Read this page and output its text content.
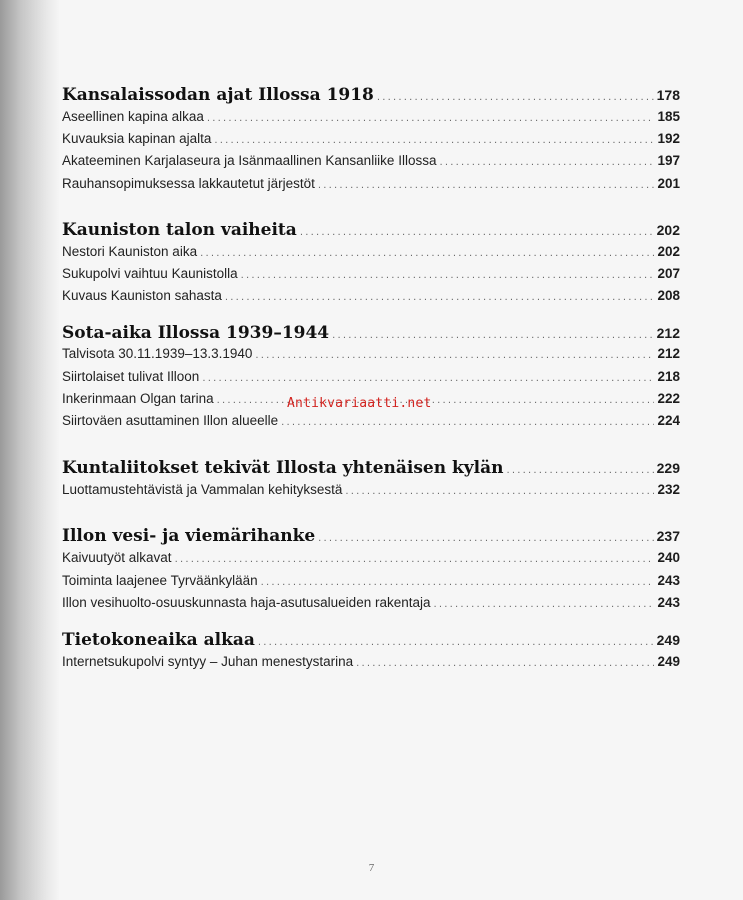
Kansalaissodan ajat Illossa 1918 .....	178
Aseellinen kapina alkaa .....	185
Kuvauksia kapinan ajalta .....	192
Akateeminen Karjalaseura ja Isänmaallinen Kansanliike Illossa .....	197
Rauhansopimuksessa lakkautetut järjestöt .....	201
Kauniston talon vaiheita .....	202
Nestori Kauniston aika .....	202
Sukupolvi vaihtuu Kaunistolla .....	207
Kuvaus Kauniston sahasta .....	208
Sota-aika Illossa 1939–1944 .....	212
Talvisota 30.11.1939–13.3.1940 .....	212
Siirtolaiset tulivat Illoon .....	218
Inkerinmaan Olgan tarina .....	222
Siirtoväen asuttaminen Illon alueelle .....	224
Kuntaliitokset tekivät Illosta yhtenäisen kylän .....	229
Luottamustehtävistä ja Vammalan kehityksestä .....	232
Illon vesi- ja viemärihanke .....	237
Kaivuutyöt alkavat .....	240
Toiminta laajenee Tyrväänkylään .....	243
Illon vesihuolto-osuuskunnasta haja-asutusalueiden rakentaja .....	243
Tietokoneaika alkaa .....	249
Internetsukupolvi syntyy – Juhan menestystarina .....	249
Antikvariaatti.net
7
